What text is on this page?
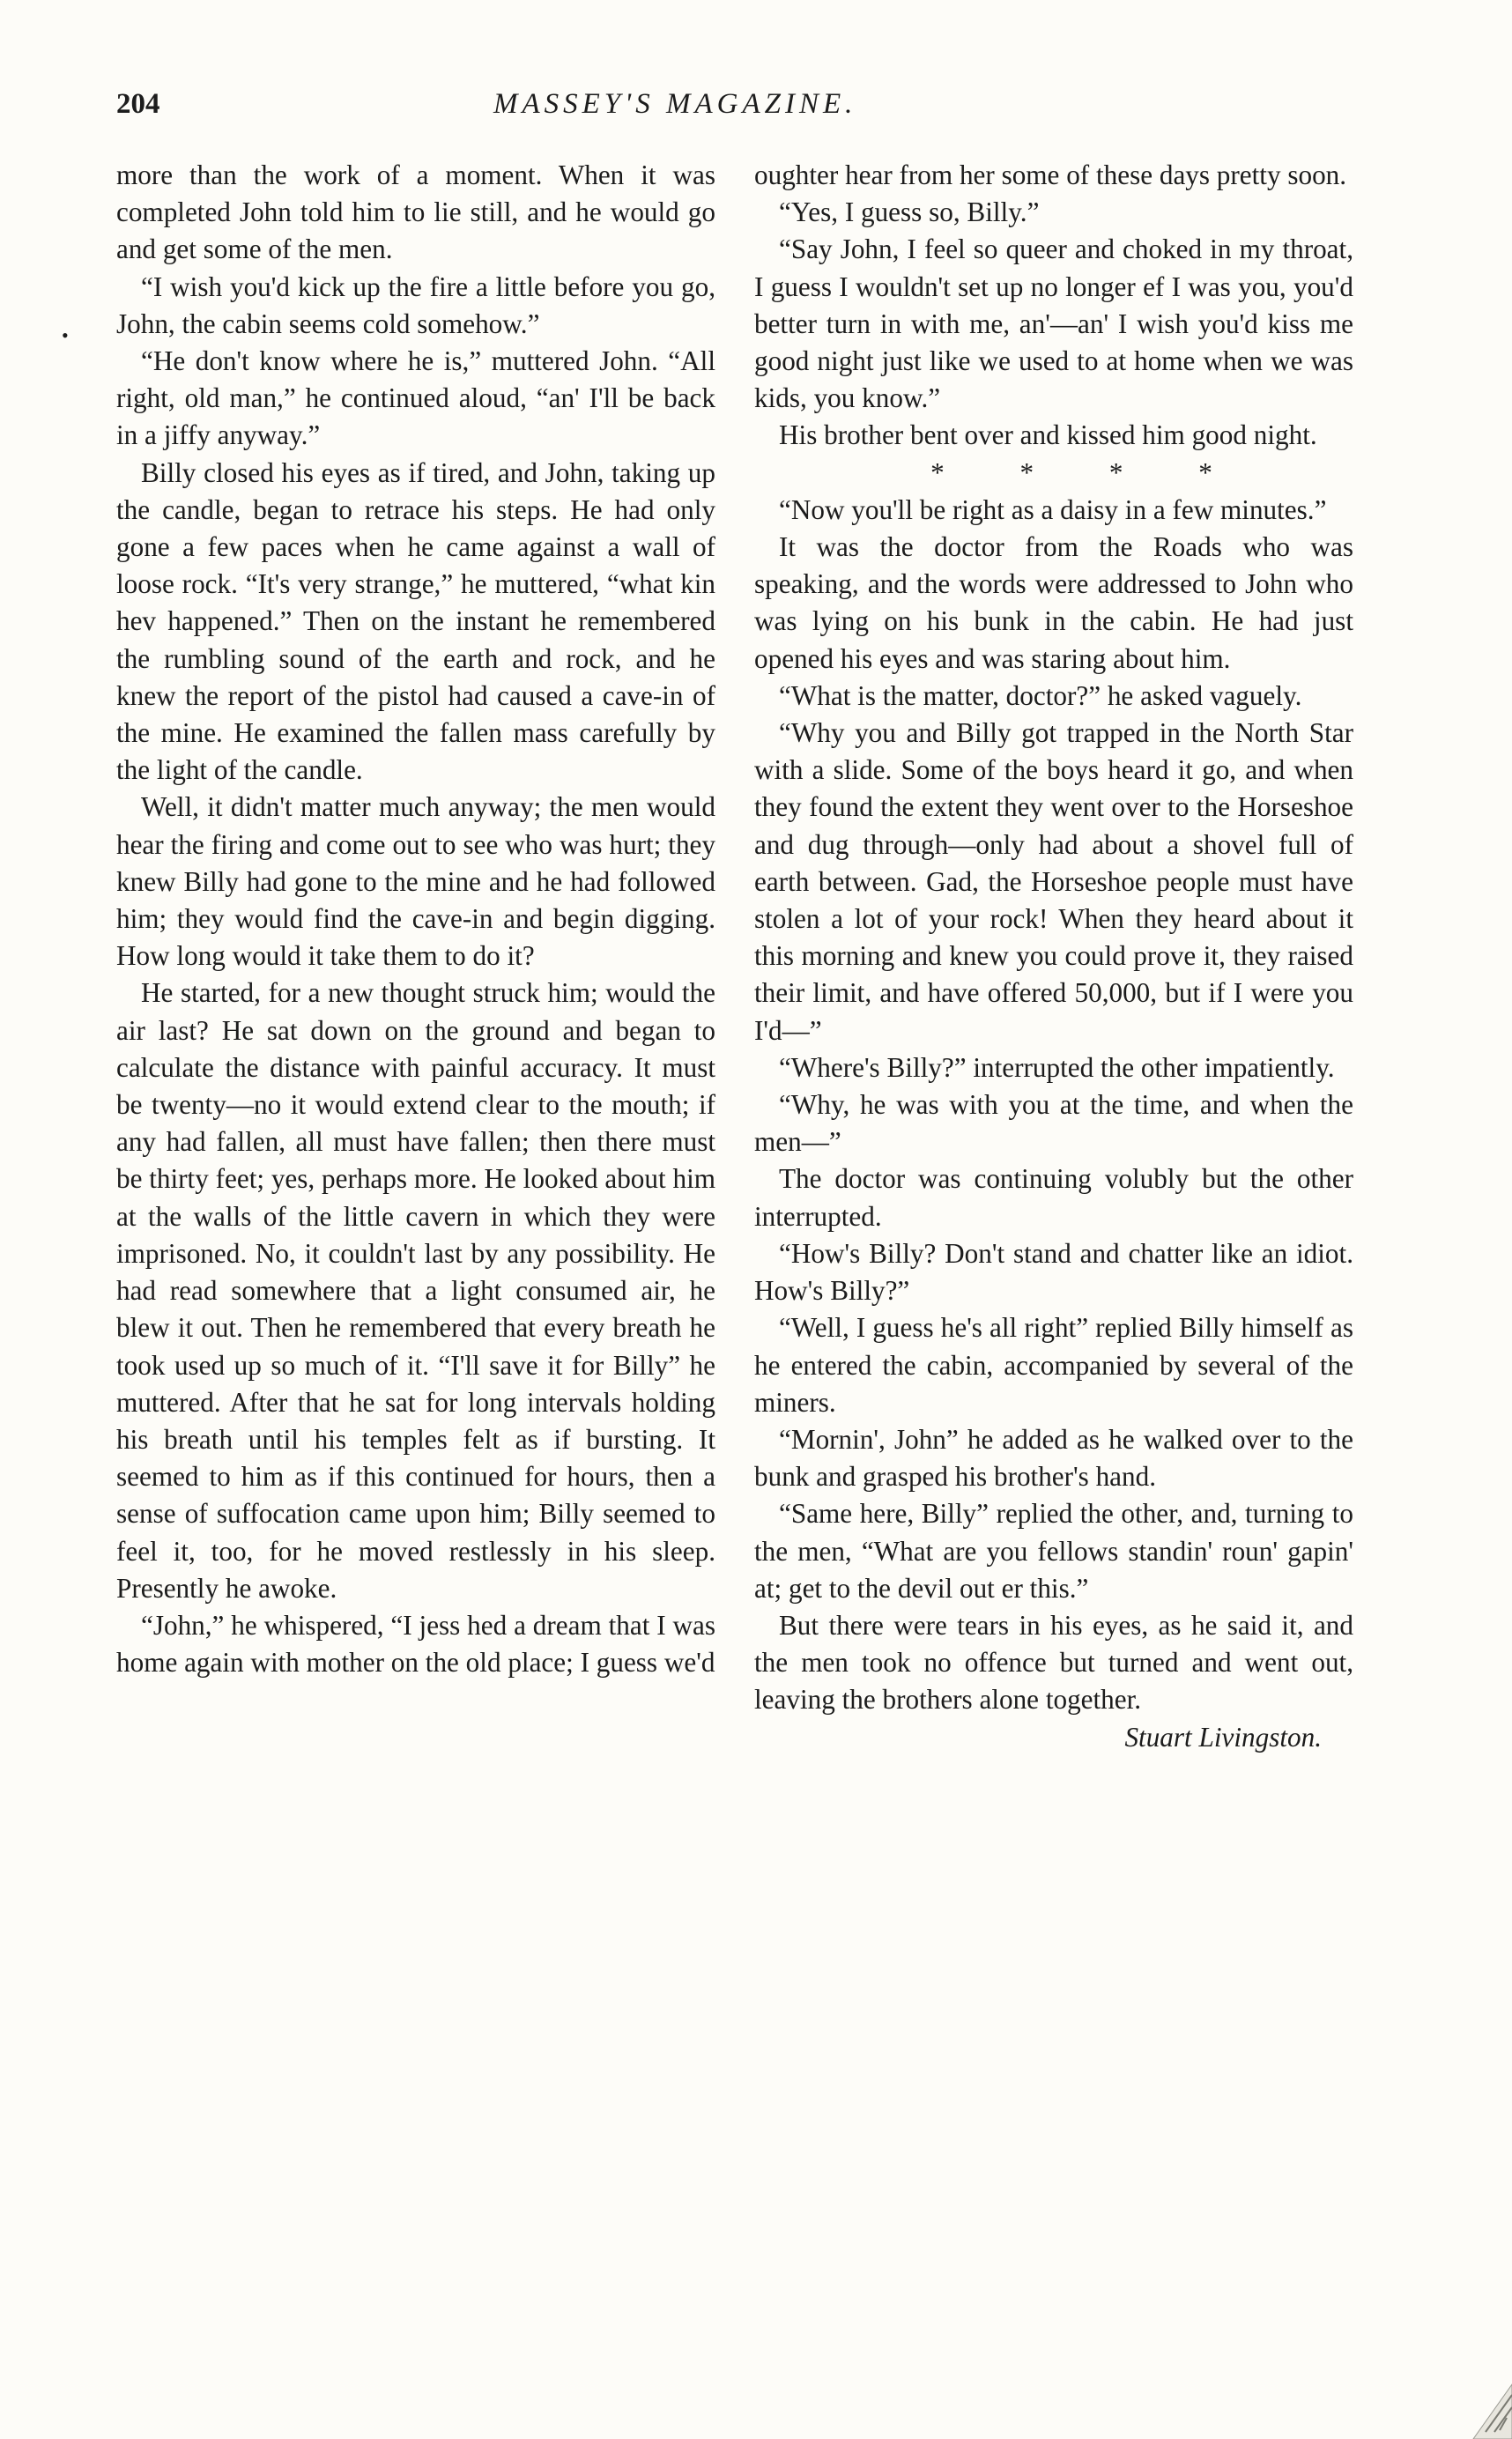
204	MASSEY'S MAGAZINE.
•

more than the work of a moment. When it was completed John told him to lie still, and he would go and get some of the men.

“I wish you'd kick up the fire a little before you go, John, the cabin seems cold somehow.”

“He don't know where he is,” muttered John. “All right, old man,” he continued aloud, “an' I'll be back in a jiffy anyway.”

Billy closed his eyes as if tired, and John, taking up the candle, began to retrace his steps. He had only gone a few paces when he came against a wall of loose rock. “It's very strange,” he muttered, “what kin hev happened.” Then on the instant he remembered the rumbling sound of the earth and rock, and he knew the report of the pistol had caused a cave-in of the mine. He examined the fallen mass carefully by the light of the candle.

Well, it didn't matter much anyway; the men would hear the firing and come out to see who was hurt; they knew Billy had gone to the mine and he had followed him; they would find the cave-in and begin digging. How long would it take them to do it?

He started, for a new thought struck him; would the air last? He sat down on the ground and began to calculate the distance with painful accuracy. It must be twenty—no it would extend clear to the mouth; if any had fallen, all must have fallen; then there must be thirty feet; yes, perhaps more. He looked about him at the walls of the little cavern in which they were imprisoned. No, it couldn't last by any possibility. He had read somewhere that a light consumed air, he blew it out. Then he remembered that every breath he took used up so much of it. “I'll save it for Billy” he muttered. After that he sat for long intervals holding his breath until his temples felt as if bursting. It seemed to him as if this continued for hours, then a sense of suffocation came upon him; Billy seemed to feel it, too, for he moved restlessly in his sleep. Presently he awoke.

“John,” he whispered, “I jess hed a dream that I was home again with mother on the old place; I guess we'd

oughter hear from her some of these days pretty soon.

“Yes, I guess so, Billy.”

“Say John, I feel so queer and choked in my throat, I guess I wouldn't set up no longer ef I was you, you'd better turn in with me, an'—an' I wish you'd kiss me good night just like we used to at home when we was kids, you know.”

His brother bent over and kissed him good night.

* * * *

“Now you'll be right as a daisy in a few minutes.”

It was the doctor from the Roads who was speaking, and the words were addressed to John who was lying on his bunk in the cabin. He had just opened his eyes and was staring about him.

“What is the matter, doctor?” he asked vaguely.

“Why you and Billy got trapped in the North Star with a slide. Some of the boys heard it go, and when they found the extent they went over to the Horseshoe and dug through—only had about a shovel full of earth between. Gad, the Horseshoe people must have stolen a lot of your rock! When they heard about it this morning and knew you could prove it, they raised their limit, and have offered 50,000, but if I were you I'd—”

“Where's Billy?” interrupted the other impatiently.

“Why, he was with you at the time, and when the men—”

The doctor was continuing volubly but the other interrupted.

“How's Billy? Don't stand and chatter like an idiot. How's Billy?”

“Well, I guess he's all right” replied Billy himself as he entered the cabin, accompanied by several of the miners.

“Mornin', John” he added as he walked over to the bunk and grasped his brother's hand.

“Same here, Billy” replied the other, and, turning to the men, “What are you fellows standin' roun' gapin' at; get to the devil out er this.”

But there were tears in his eyes, as he said it, and the men took no offence but turned and went out, leaving the brothers alone together.

Stuart Livingston.
